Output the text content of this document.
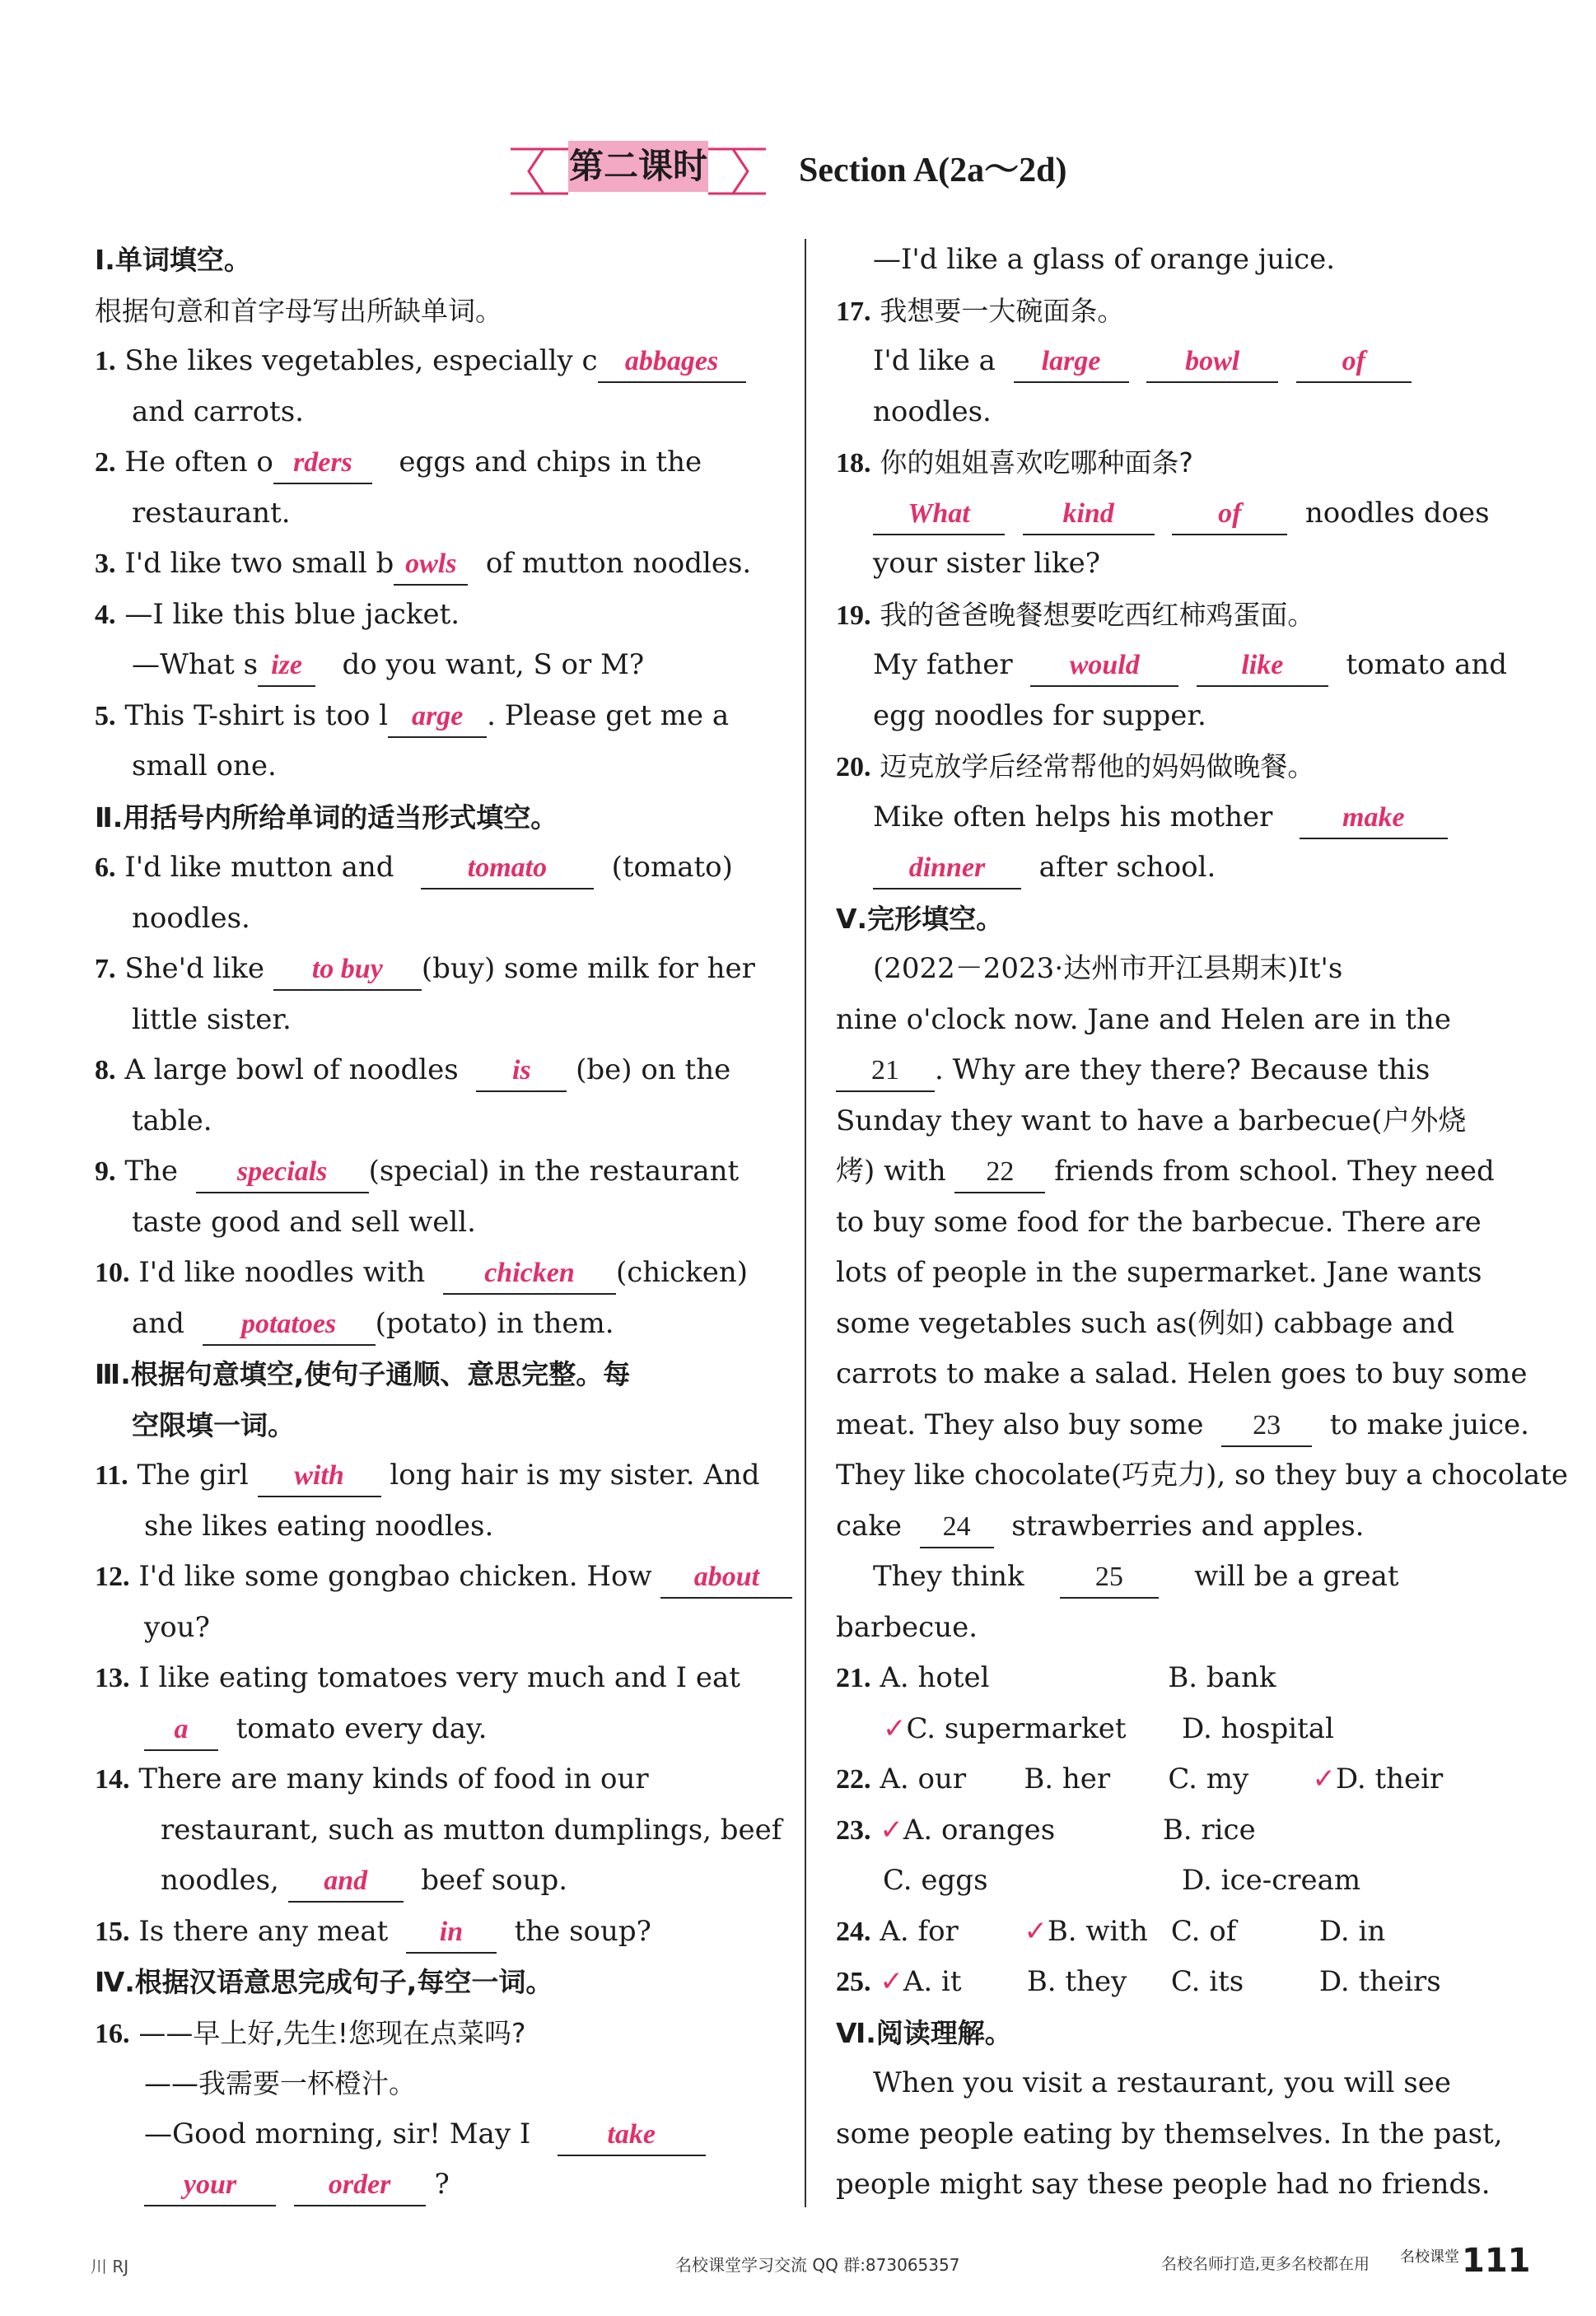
第二课时	Section A(2a～2d)
Ⅰ.单词填空。
根据句意和首字母写出所缺单词。
1. She likes vegetables, especially c abbages
and carrots.
2. He often o rders eggs and chips in the
restaurant.
3. I'd like two small b owls of mutton noodles.
4. —I like this blue jacket.
—What s ize do you want, S or M?
5. This T-shirt is too l arge . Please get me a
small one.
Ⅱ.用括号内所给单词的适当形式填空。
6. I'd like mutton and	tomato (tomato)
noodles.
7. She'd like to buy (buy) some milk for her
little sister.
8. A large bowl of noodles is (be) on the
table.
9. The specials (special) in the restaurant
taste good and sell well.
10. I'd like noodles with chicken (chicken)
and potatoes (potato) in them.
Ⅲ.根据句意填空,使句子通顺、意思完整。每
空限填一词。
11. The girl with long hair is my sister. And
she likes eating noodles.
12. I'd like some gongbao chicken. How about
you?
13. I like eating tomatoes very much and I eat
a tomato every day.
14. There are many kinds of food in our
restaurant, such as mutton dumplings, beef
noodles, and beef soup.
15. Is there any meat in the soup?
Ⅳ.根据汉语意思完成句子,每空一词。
16. ——早上好,先生!您现在点菜吗?
——我需要一杯橙汁。
—Good morning, sir! May I	take
your	order ?
—I'd like a glass of orange juice.
17. 我想要一大碗面条。
I'd like a large	bowl	of
noodles.
18. 你的姐姐喜欢吃哪种面条?
What	kind	of noodles does
your sister like?
19. 我的爸爸晚餐想要吃西红柿鸡蛋面。
My father would	like tomato and
egg noodles for supper.
20. 迈克放学后经常帮他的妈妈做晚餐。
Mike often helps his mother make
dinner after school.
Ⅴ.完形填空。
(2022－2023·达州市开江县期末)It's
nine o'clock now. Jane and Helen are in the
21 . Why are they there? Because this
Sunday they want to have a barbecue(户外烧
烤) with 22 friends from school. They need
to buy some food for the barbecue. There are
lots of people in the supermarket. Jane wants
some vegetables such as(例如) cabbage and
carrots to make a salad. Helen goes to buy some
meat. They also buy some 23 to make juice.
They like chocolate(巧克力), so they buy a chocolate
cake 24 strawberries and apples.
They think	25	will be a great
barbecue.
21. A. hotel	B. bank
✓C. supermarket D. hospital
22. A. our B. her C. my ✓D. their
23. ✓A. oranges	B. rice
C. eggs	D. ice-cream
24. A. for ✓B. with C. of	D. in
25. ✓A. it B. they C. its	D. theirs
Ⅵ.阅读理解。
When you visit a restaurant, you will see
some people eating by themselves. In the past,
people might say these people had no friends.
川 RJ	名校课堂学习交流 QQ 群:873065357	名校名师打造,更多名校都在用 名校课堂 111
